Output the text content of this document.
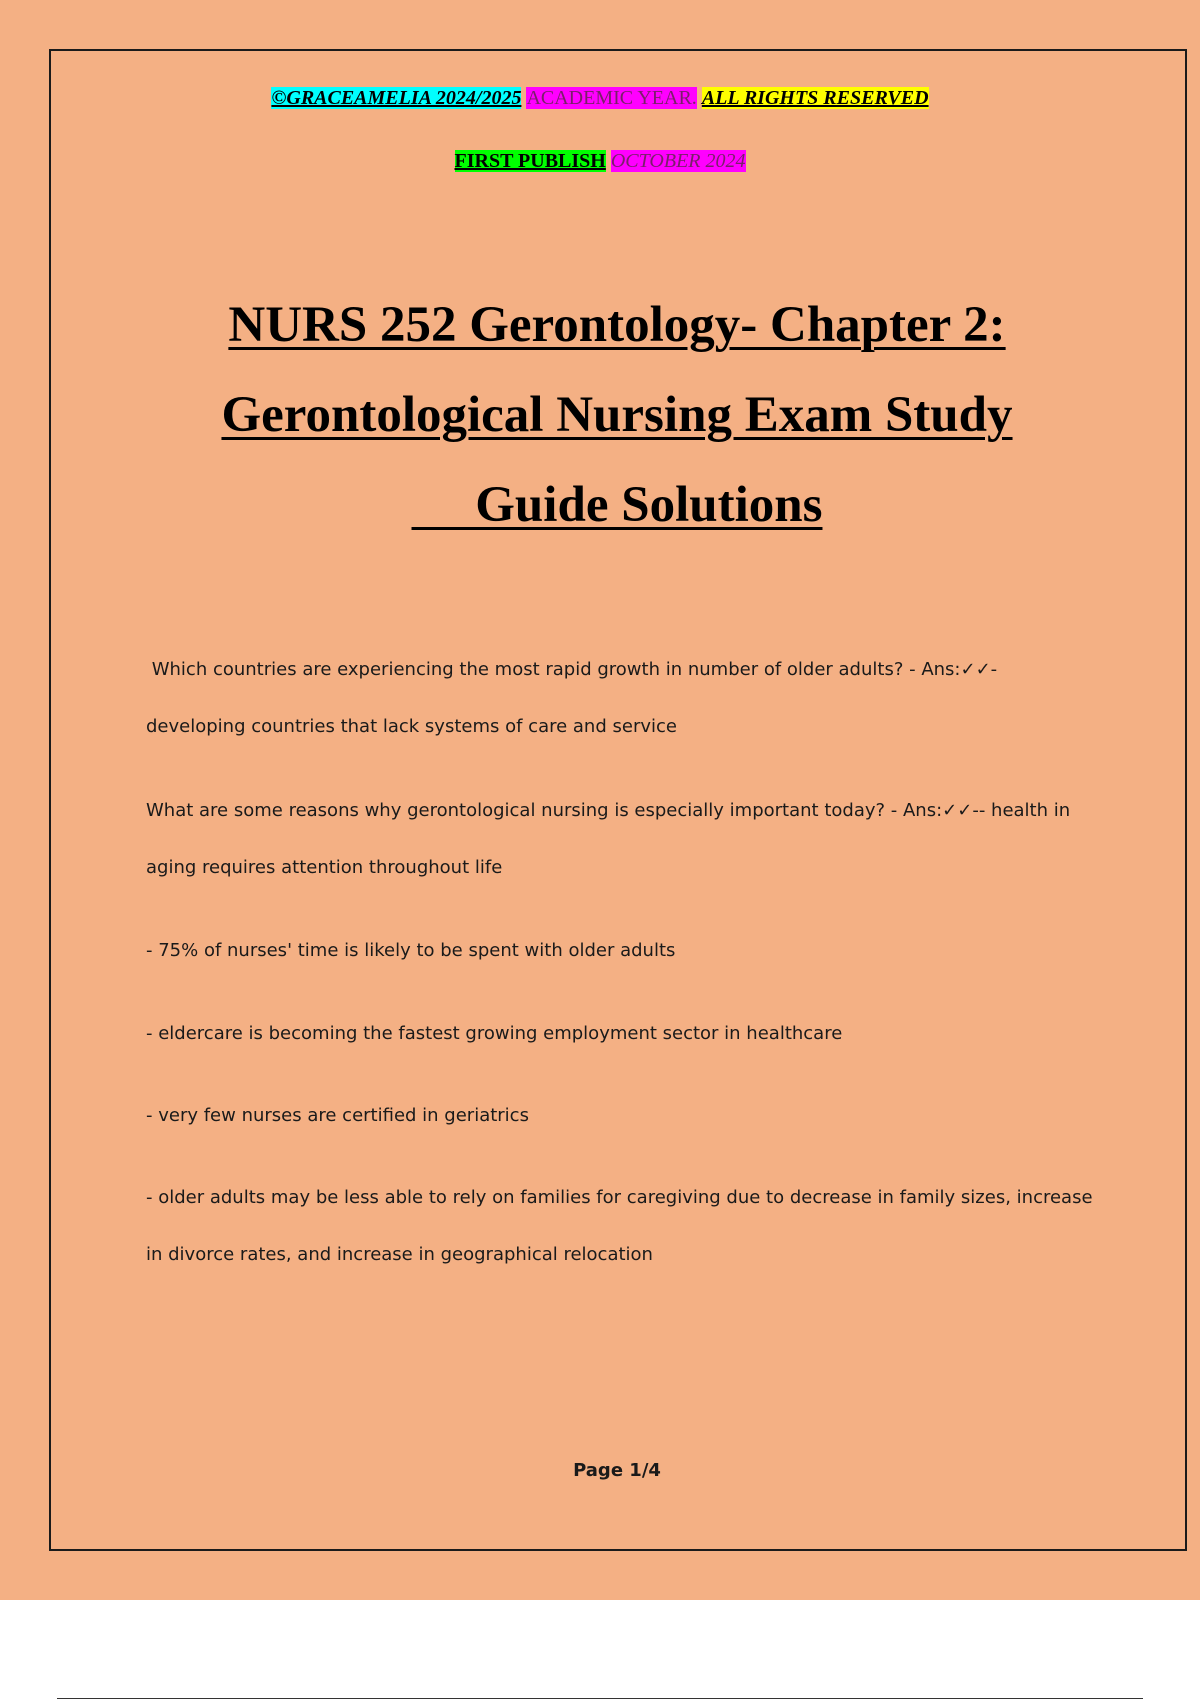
©GRACEAMELIA 2024/2025 ACADEMIC YEAR. ALL RIGHTS RESERVED
FIRST PUBLISH OCTOBER 2024
NURS 252 Gerontology- Chapter 2:
Gerontological Nursing Exam Study
Guide Solutions
Which countries are experiencing the most rapid growth in number of older adults? - Ans:✓✓-
developing countries that lack systems of care and service
What are some reasons why gerontological nursing is especially important today? - Ans:✓✓-- health in
aging requires attention throughout life
- 75% of nurses' time is likely to be spent with older adults
- eldercare is becoming the fastest growing employment sector in healthcare
- very few nurses are certified in geriatrics
- older adults may be less able to rely on families for caregiving due to decrease in family sizes, increase
in divorce rates, and increase in geographical relocation
Page 1/4
